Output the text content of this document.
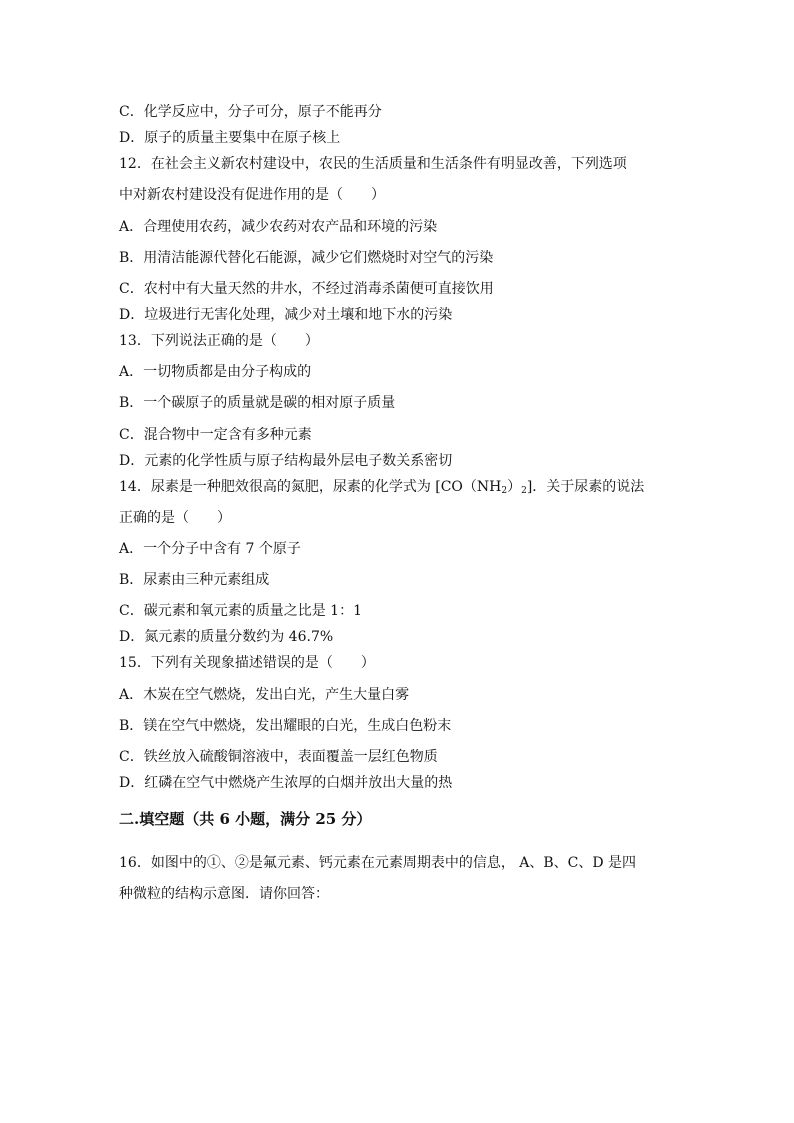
C．化学反应中，分子可分，原子不能再分
D．原子的质量主要集中在原子核上
12．在社会主义新农村建设中，农民的生活质量和生活条件有明显改善，下列选项
中对新农村建设没有促进作用的是（　　）
A．合理使用农药，减少农药对农产品和环境的污染
B．用清洁能源代替化石能源，减少它们燃烧时对空气的污染
C．农村中有大量天然的井水，不经过消毒杀菌便可直接饮用
D．垃圾进行无害化处理，减少对土壤和地下水的污染
13．下列说法正确的是（　　）
A．一切物质都是由分子构成的
B．一个碳原子的质量就是碳的相对原子质量
C．混合物中一定含有多种元素
D．元素的化学性质与原子结构最外层电子数关系密切
14．尿素是一种肥效很高的氮肥，尿素的化学式为 $[CO(NH_2)_2]$．关于尿素的说法
正确的是（　　）
A．一个分子中含有 7 个原子
B．尿素由三种元素组成
C．碳元素和氧元素的质量之比是 1：1
D．氮元素的质量分数约为 46.7%
15．下列有关现象描述错误的是（　　）
A．木炭在空气燃烧，发出白光，产生大量白雾
B．镁在空气中燃烧，发出耀眼的白光，生成白色粉末
C．铁丝放入硫酸铜溶液中，表面覆盖一层红色物质
D．红磷在空气中燃烧产生浓厚的白烟并放出大量的热
二.填空题（共 6 小题，满分 25 分）
16．如图中的①、②是氟元素、钙元素在元素周期表中的信息， A、B、C、D 是四
种微粒的结构示意图．请你回答：
